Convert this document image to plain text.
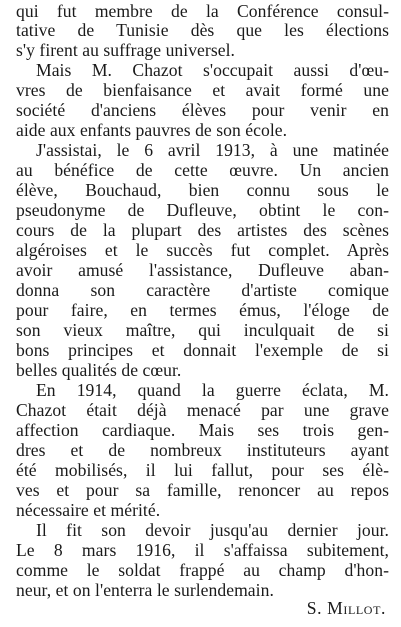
qui fut membre de la Conférence consul-
tative de Tunisie dès que les élections
s'y firent au suffrage universel.
Mais M. Chazot s'occupait aussi d'œu-
vres de bienfaisance et avait formé une
société d'anciens élèves pour venir en
aide aux enfants pauvres de son école.
J'assistai, le 6 avril 1913, à une matinée
au bénéfice de cette œuvre. Un ancien
élève, Bouchaud, bien connu sous le
pseudonyme de Dufleuve, obtint le con-
cours de la plupart des artistes des scènes
algéroises et le succès fut complet. Après
avoir amusé l'assistance, Dufleuve aban-
donna son caractère d'artiste comique
pour faire, en termes émus, l'éloge de
son vieux maître, qui inculquait de si
bons principes et donnait l'exemple de si
belles qualités de cœur.
En 1914, quand la guerre éclata, M.
Chazot était déjà menacé par une grave
affection cardiaque. Mais ses trois gen-
dres et de nombreux instituteurs ayant
été mobilisés, il lui fallut, pour ses élè-
ves et pour sa famille, renoncer au repos
nécessaire et mérité.
Il fit son devoir jusqu'au dernier jour.
Le 8 mars 1916, il s'affaissa subitement,
comme le soldat frappé au champ d'hon-
neur, et on l'enterra le surlendemain.
S. Millot.
